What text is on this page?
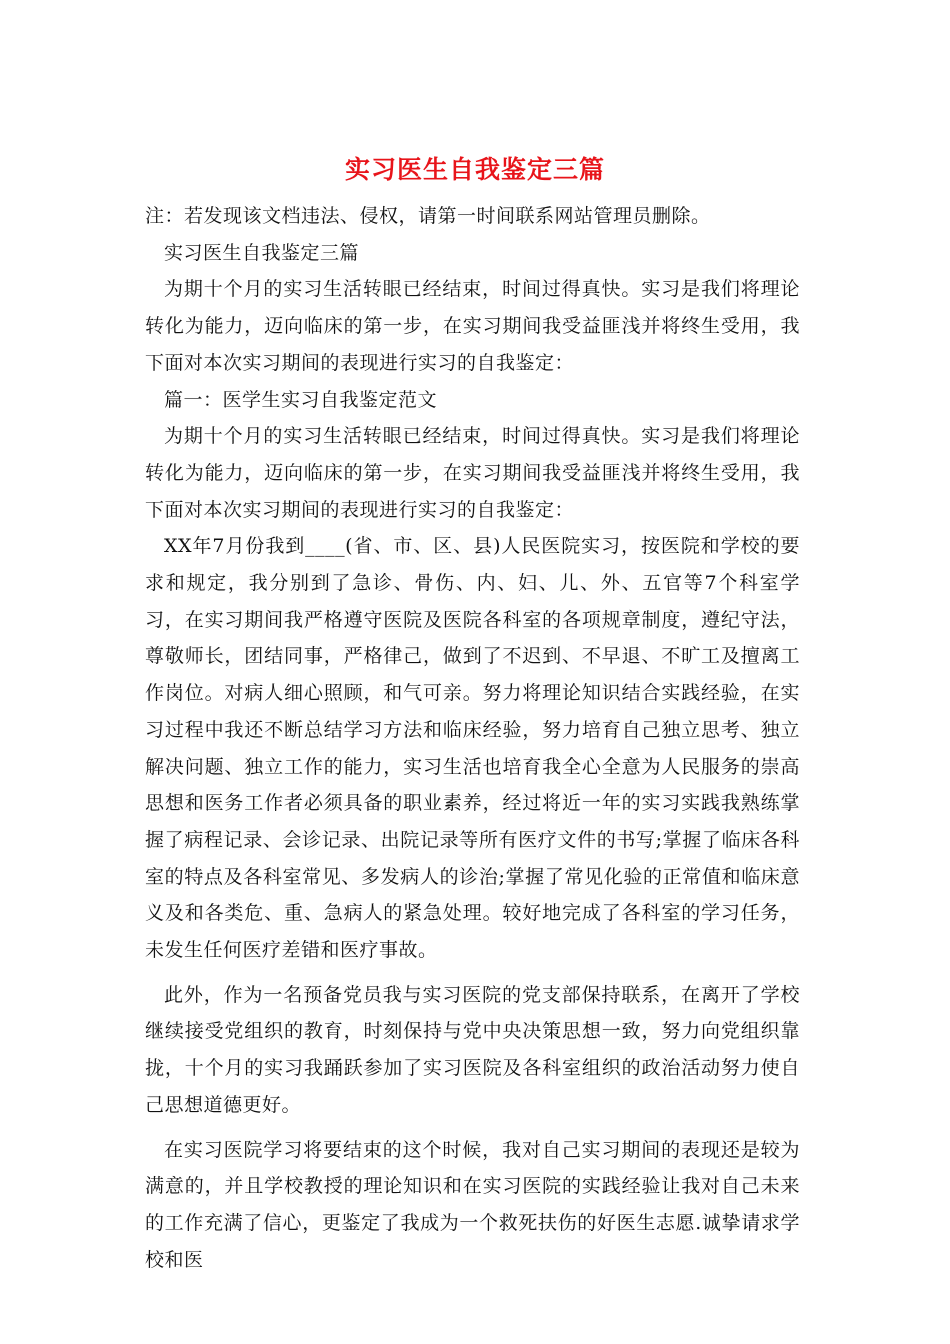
实习医生自我鉴定三篇

注：若发现该文档违法、侵权，请第一时间联系网站管理员删除。

实习医生自我鉴定三篇

为期十个月的实习生活转眼已经结束，时间过得真快。实习是我们将理论转化为能力，迈向临床的第一步，在实习期间我受益匪浅并将终生受用，我下面对本次实习期间的表现进行实习的自我鉴定：

篇一：医学生实习自我鉴定范文

为期十个月的实习生活转眼已经结束，时间过得真快。实习是我们将理论转化为能力，迈向临床的第一步，在实习期间我受益匪浅并将终生受用，我下面对本次实习期间的表现进行实习的自我鉴定：

XX年7月份我到____(省、市、区、县)人民医院实习，按医院和学校的要求和规定，我分别到了急诊、骨伤、内、妇、儿、外、五官等7个科室学习，在实习期间我严格遵守医院及医院各科室的各项规章制度，遵纪守法，尊敬师长，团结同事，严格律己，做到了不迟到、不早退、不旷工及擅离工作岗位。对病人细心照顾，和气可亲。努力将理论知识结合实践经验，在实习过程中我还不断总结学习方法和临床经验，努力培育自己独立思考、独立解决问题、独立工作的能力，实习生活也培育我全心全意为人民服务的崇高思想和医务工作者必须具备的职业素养，经过将近一年的实习实践我熟练掌握了病程记录、会诊记录、出院记录等所有医疗文件的书写;掌握了临床各科室的特点及各科室常见、多发病人的诊治;掌握了常见化验的正常值和临床意义及和各类危、重、急病人的紧急处理。较好地完成了各科室的学习任务，未发生任何医疗差错和医疗事故。

此外，作为一名预备党员我与实习医院的党支部保持联系，在离开了学校继续接受党组织的教育，时刻保持与党中央决策思想一致，努力向党组织靠拢，十个月的实习我踊跃参加了实习医院及各科室组织的政治活动努力使自己思想道德更好。

在实习医院学习将要结束的这个时候，我对自己实习期间的表现还是较为满意的，并且学校教授的理论知识和在实习医院的实践经验让我对自己未来的工作充满了信心，更鉴定了我成为一个救死扶伤的好医生志愿.诚挚请求学校和医
